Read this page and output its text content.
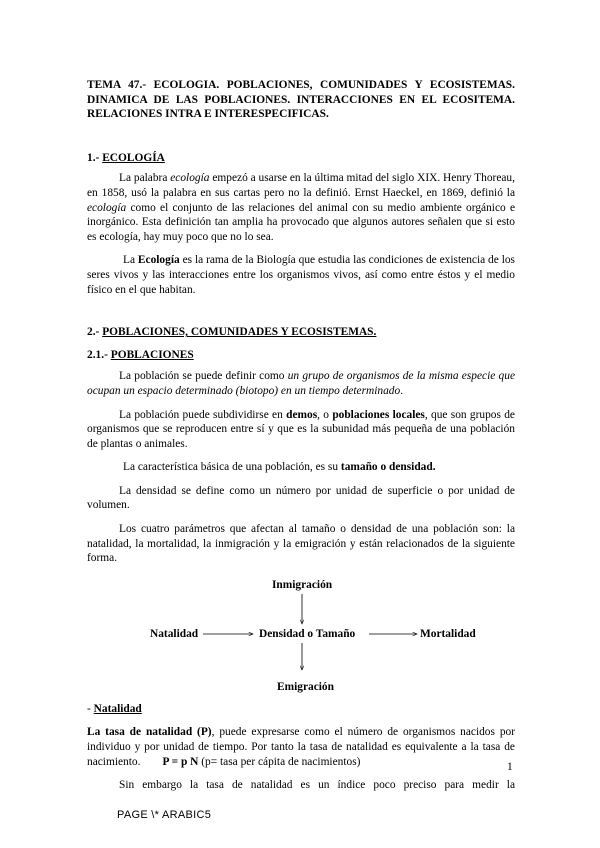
TEMA 47.- ECOLOGIA. POBLACIONES, COMUNIDADES Y ECOSISTEMAS. DINAMICA DE LAS POBLACIONES. INTERACCIONES EN EL ECOSITEMA. RELACIONES INTRA E INTERESPECIFICAS.
1.- ECOLOGÍA

La palabra ecología empezó a usarse en la última mitad del siglo XIX. Henry Thoreau, en 1858, usó la palabra en sus cartas pero no la definió. Ernst Haeckel, en 1869, definió la ecología como el conjunto de las relaciones del animal con su medio ambiente orgánico e inorgánico. Esta definición tan amplia ha provocado que algunos autores señalen que si esto es ecología, hay muy poco que no lo sea.

La Ecología es la rama de la Biología que estudia las condiciones de existencia de los seres vivos y las interacciones entre los organismos vivos, así como entre éstos y el medio físico en el que habitan.

2.- POBLACIONES, COMUNIDADES Y ECOSISTEMAS.
2.1.- POBLACIONES

La población se puede definir como un grupo de organismos de la misma especie que ocupan un espacio determinado (biotopo) en un tiempo determinado.

La población puede subdividirse en demos, o poblaciones locales, que son grupos de organismos que se reproducen entre sí y que es la subunidad más pequeña de una población de plantas o animales.

La característica básica de una población, es su tamaño o densidad.

La densidad se define como un número por unidad de superficie o por unidad de volumen.

Los cuatro parámetros que afectan al tamaño o densidad de una población son: la natalidad, la mortalidad, la inmigración y la emigración y están relacionados de la siguiente forma.

Inmigración
Natalidad	Densidad o Tamaño	Mortalidad
Emigración
- Natalidad

La tasa de natalidad (P), puede expresarse como el número de organismos nacidos por individuo y por unidad de tiempo. Por tanto la tasa de natalidad es equivalente a la tasa de nacimiento. P = p N (p= tasa per cápita de nacimientos)

Sin embargo la tasa de natalidad es un índice poco preciso para medir la

1
PAGE \* ARABIC5
